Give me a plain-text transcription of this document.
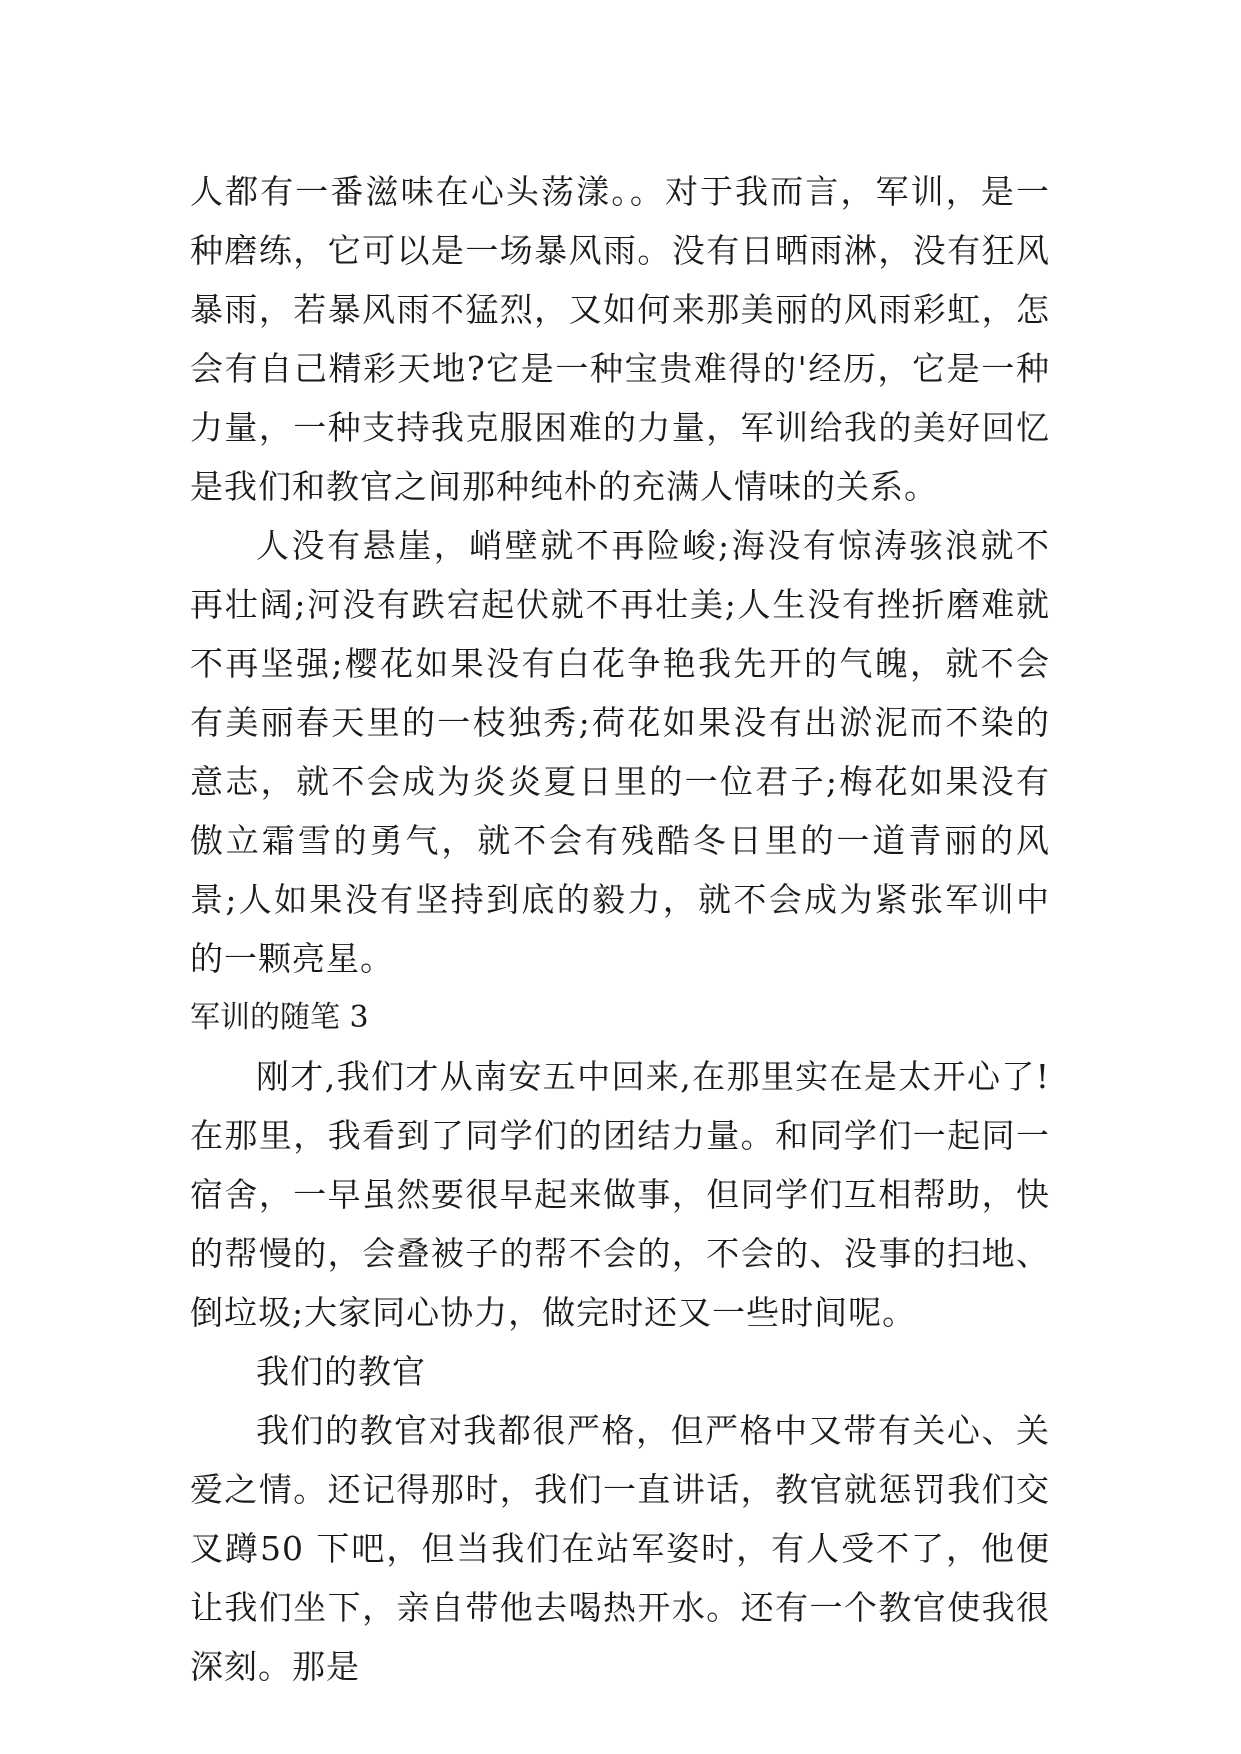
人都有一番滋味在心头荡漾。。对于我而言，军训，是一种磨练，它可以是一场暴风雨。没有日晒雨淋，没有狂风暴雨，若暴风雨不猛烈，又如何来那美丽的风雨彩虹，怎会有自己精彩天地?它是一种宝贵难得的'经历，它是一种力量，一种支持我克服困难的力量，军训给我的美好回忆是我们和教官之间那种纯朴的充满人情味的关系。

人没有悬崖，峭壁就不再险峻;海没有惊涛骇浪就不再壮阔;河没有跌宕起伏就不再壮美;人生没有挫折磨难就不再坚强;樱花如果没有白花争艳我先开的气魄，就不会有美丽春天里的一枝独秀;荷花如果没有出淤泥而不染的意志，就不会成为炎炎夏日里的一位君子;梅花如果没有傲立霜雪的勇气，就不会有残酷冬日里的一道青丽的风景;人如果没有坚持到底的毅力，就不会成为紧张军训中的一颗亮星。

军训的随笔 3

刚才,我们才从南安五中回来,在那里实在是太开心了!在那里，我看到了同学们的团结力量。和同学们一起同一宿舍，一早虽然要很早起来做事，但同学们互相帮助，快的帮慢的，会叠被子的帮不会的，不会的、没事的扫地、倒垃圾;大家同心协力，做完时还又一些时间呢。

我们的教官

我们的教官对我都很严格，但严格中又带有关心、关爱之情。还记得那时，我们一直讲话，教官就惩罚我们交叉蹲50 下吧，但当我们在站军姿时，有人受不了，他便让我们坐下，亲自带他去喝热开水。还有一个教官使我很深刻。那是
